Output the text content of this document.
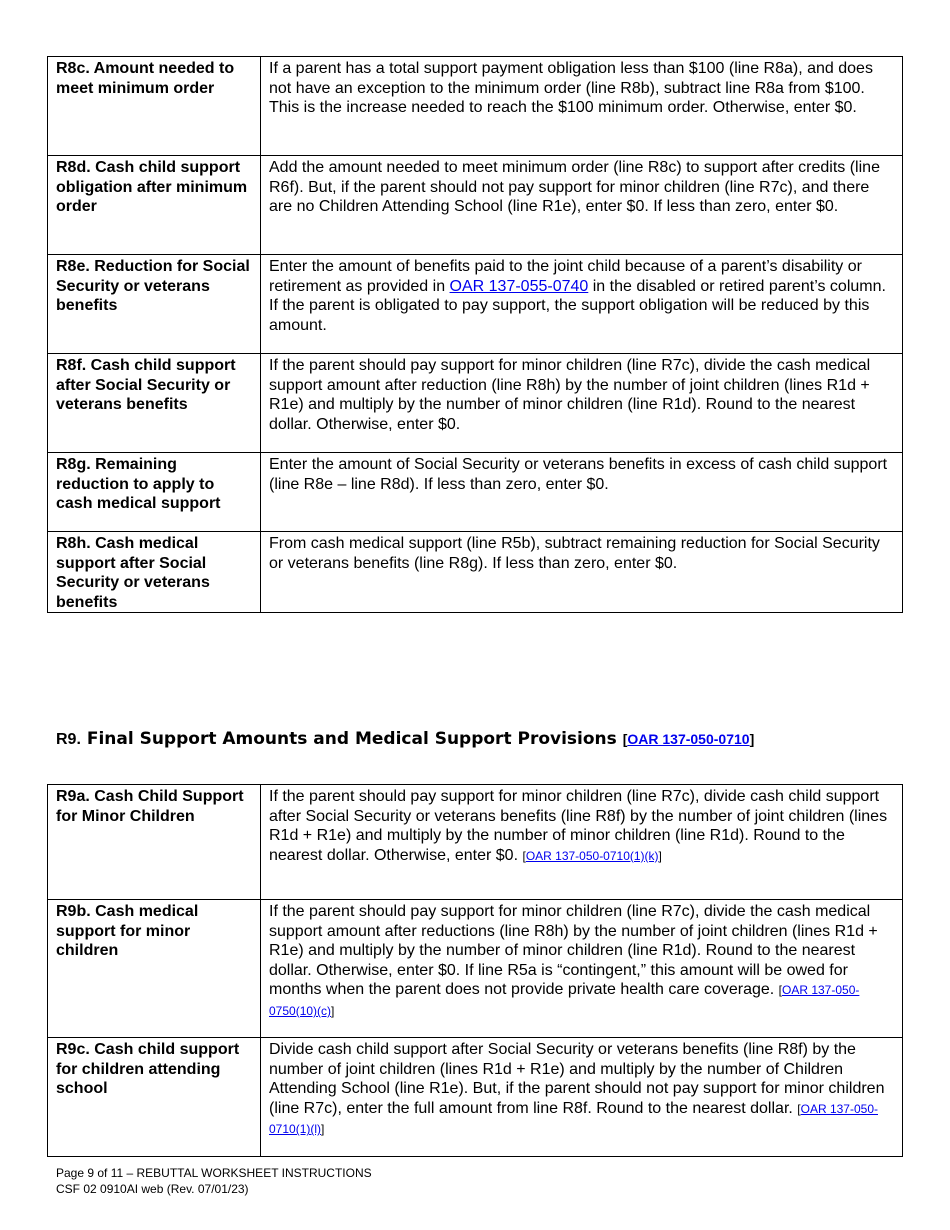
R8c. Amount needed to meet minimum order	If a parent has a total support payment obligation less than $100 (line R8a), and does not have an exception to the minimum order (line R8b), subtract line R8a from $100. This is the increase needed to reach the $100 minimum order. Otherwise, enter $0.
R8d. Cash child support obligation after minimum order	Add the amount needed to meet minimum order (line R8c) to support after credits (line R6f). But, if the parent should not pay support for minor children (line R7c), and there are no Children Attending School (line R1e), enter $0. If less than zero, enter $0.
R8e. Reduction for Social Security or veterans benefits	Enter the amount of benefits paid to the joint child because of a parent’s disability or retirement as provided in OAR 137-055-0740 in the disabled or retired parent’s column. If the parent is obligated to pay support, the support obligation will be reduced by this amount.
R8f. Cash child support after Social Security or veterans benefits	If the parent should pay support for minor children (line R7c), divide the cash medical support amount after reduction (line R8h) by the number of joint children (lines R1d + R1e) and multiply by the number of minor children (line R1d). Round to the nearest dollar. Otherwise, enter $0.
R8g. Remaining reduction to apply to cash medical support	Enter the amount of Social Security or veterans benefits in excess of cash child support (line R8e – line R8d). If less than zero, enter $0.
R8h. Cash medical support after Social Security or veterans benefits	From cash medical support (line R5b), subtract remaining reduction for Social Security or veterans benefits (line R8g). If less than zero, enter $0.
R9. Final Support Amounts and Medical Support Provisions [OAR 137-050-0710]
R9a. Cash Child Support for Minor Children	If the parent should pay support for minor children (line R7c), divide cash child support after Social Security or veterans benefits (line R8f) by the number of joint children (lines R1d + R1e) and multiply by the number of minor children (line R1d). Round to the nearest dollar. Otherwise, enter $0. [OAR 137-050-0710(1)(k)]
R9b. Cash medical support for minor children	If the parent should pay support for minor children (line R7c), divide the cash medical support amount after reductions (line R8h) by the number of joint children (lines R1d + R1e) and multiply by the number of minor children (line R1d). Round to the nearest dollar. Otherwise, enter $0. If line R5a is “contingent,” this amount will be owed for months when the parent does not provide private health care coverage. [OAR 137-050-0750(10)(c)]
R9c. Cash child support for children attending school	Divide cash child support after Social Security or veterans benefits (line R8f) by the number of joint children (lines R1d + R1e) and multiply by the number of Children Attending School (line R1e). But, if the parent should not pay support for minor children (line R7c), enter the full amount from line R8f. Round to the nearest dollar. [OAR 137-050-0710(1)(l)]
Page 9 of 11 – REBUTTAL WORKSHEET INSTRUCTIONS
CSF 02 0910AI web (Rev. 07/01/23)
